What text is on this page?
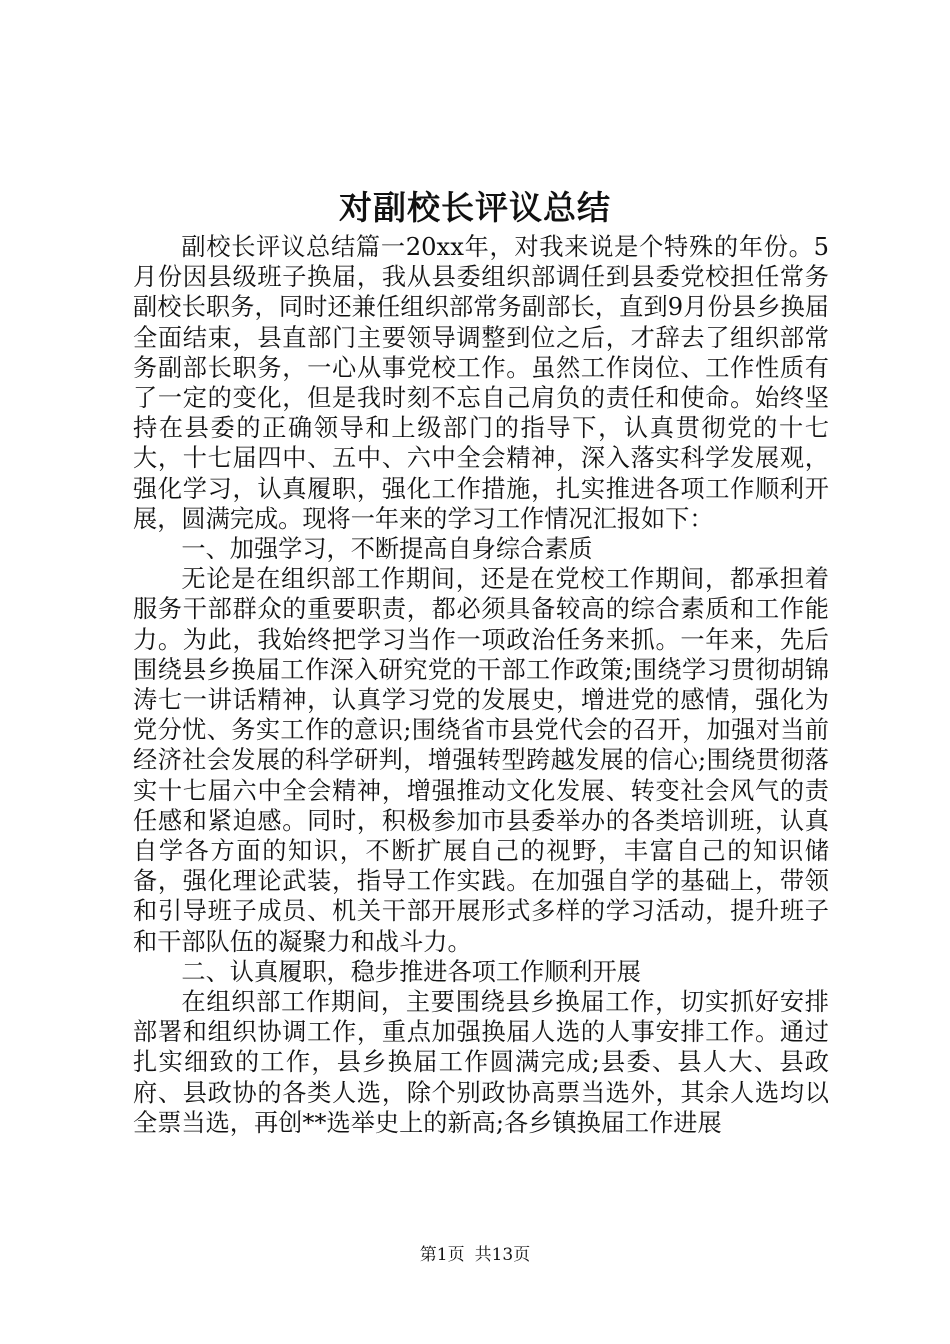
对副校长评议总结

副校长评议总结篇一20xx年，对我来说是个特殊的年份。5月份因县级班子换届，我从县委组织部调任到县委党校担任常务副校长职务，同时还兼任组织部常务副部长，直到9月份县乡换届全面结束，县直部门主要领导调整到位之后，才辞去了组织部常务副部长职务，一心从事党校工作。虽然工作岗位、工作性质有了一定的变化，但是我时刻不忘自己肩负的责任和使命。始终坚持在县委的正确领导和上级部门的指导下，认真贯彻党的十七大，十七届四中、五中、六中全会精神，深入落实科学发展观，强化学习，认真履职，强化工作措施，扎实推进各项工作顺利开展，圆满完成。现将一年来的学习工作情况汇报如下：

一、加强学习，不断提高自身综合素质

无论是在组织部工作期间，还是在党校工作期间，都承担着服务干部群众的重要职责，都必须具备较高的综合素质和工作能力。为此，我始终把学习当作一项政治任务来抓。一年来，先后围绕县乡换届工作深入研究党的干部工作政策;围绕学习贯彻胡锦涛七一讲话精神，认真学习党的发展史，增进党的感情，强化为党分忧、务实工作的意识;围绕省市县党代会的召开，加强对当前经济社会发展的科学研判，增强转型跨越发展的信心;围绕贯彻落实十七届六中全会精神，增强推动文化发展、转变社会风气的责任感和紧迫感。同时，积极参加市县委举办的各类培训班，认真自学各方面的知识，不断扩展自己的视野，丰富自己的知识储备，强化理论武装，指导工作实践。在加强自学的基础上，带领和引导班子成员、机关干部开展形式多样的学习活动，提升班子和干部队伍的凝聚力和战斗力。

二、认真履职，稳步推进各项工作顺利开展

在组织部工作期间，主要围绕县乡换届工作，切实抓好安排部署和组织协调工作，重点加强换届人选的人事安排工作。通过扎实细致的工作，县乡换届工作圆满完成;县委、县人大、县政府、县政协的各类人选，除个别政协高票当选外，其余人选均以全票当选，再创**选举史上的新高;各乡镇换届工作进展

第1页 共13页
